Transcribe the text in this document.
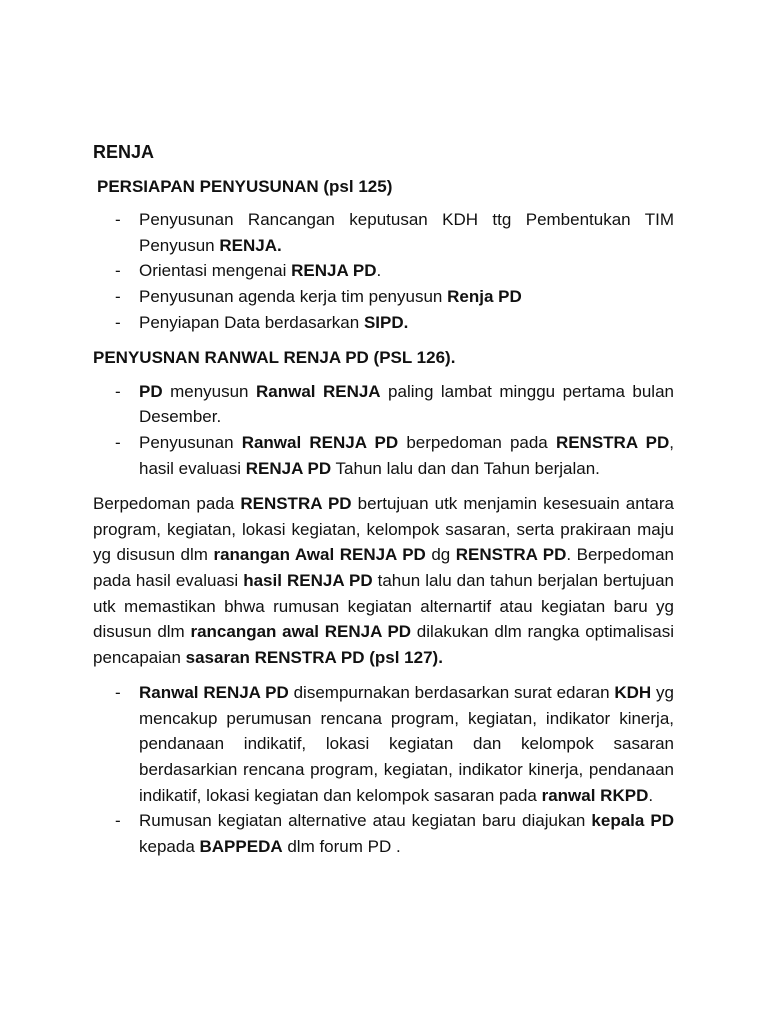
RENJA
PERSIAPAN PENYUSUNAN (psl 125)
- Penyusunan Rancangan keputusan KDH ttg Pembentukan TIM Penyusun RENJA.
- Orientasi mengenai RENJA PD.
- Penyusunan agenda kerja tim penyusun Renja PD
- Penyiapan Data berdasarkan SIPD.
PENYUSNAN RANWAL RENJA PD (PSL 126).
- PD menyusun Ranwal RENJA paling lambat minggu pertama bulan Desember.
- Penyusunan Ranwal RENJA PD berpedoman pada RENSTRA PD, hasil evaluasi RENJA PD Tahun lalu dan dan Tahun berjalan.
Berpedoman pada RENSTRA PD bertujuan utk menjamin kesesuain antara program, kegiatan, lokasi kegiatan, kelompok sasaran, serta prakiraan maju yg disusun dlm ranangan Awal RENJA PD dg RENSTRA PD. Berpedoman pada hasil evaluasi hasil RENJA PD tahun lalu dan tahun berjalan bertujuan utk memastikan bhwa rumusan kegiatan alternartif atau kegiatan baru yg disusun dlm rancangan awal RENJA PD dilakukan dlm rangka optimalisasi pencapaian sasaran RENSTRA PD (psl 127).
- Ranwal RENJA PD disempurnakan berdasarkan surat edaran KDH yg mencakup perumusan rencana program, kegiatan, indikator kinerja, pendanaan indikatif, lokasi kegiatan dan kelompok sasaran berdasarkian rencana program, kegiatan, indikator kinerja, pendanaan indikatif, lokasi kegiatan dan kelompok sasaran pada ranwal RKPD.
- Rumusan kegiatan alternative atau kegiatan baru diajukan kepala PD kepada BAPPEDA dlm forum PD .
